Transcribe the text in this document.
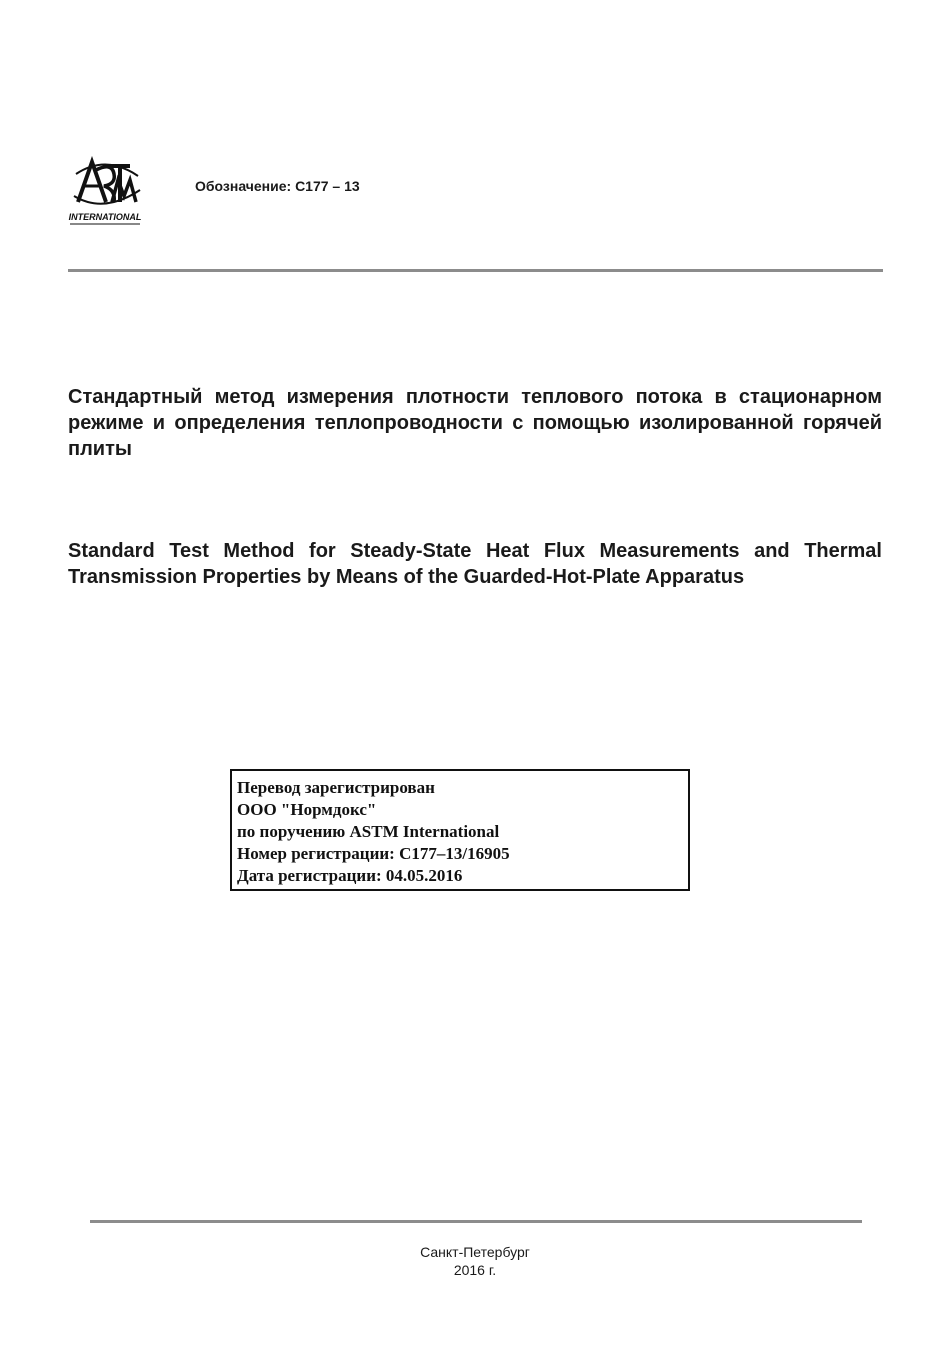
INTERNATIONAL
Обозначение: C177 – 13

Стандартный метод измерения плотности теплового потока в стационарном режиме и определения теплопроводности с помощью изолированной горячей плиты

Standard Test Method for Steady-State Heat Flux Measurements and Thermal Transmission Properties by Means of the Guarded-Hot-Plate Apparatus

Перевод зарегистрирован
ООО "Нормдокс"
по поручению ASTM International
Номер регистрации: C177–13/16905
Дата регистрации: 04.05.2016
Санкт-Петербург
2016 г.
